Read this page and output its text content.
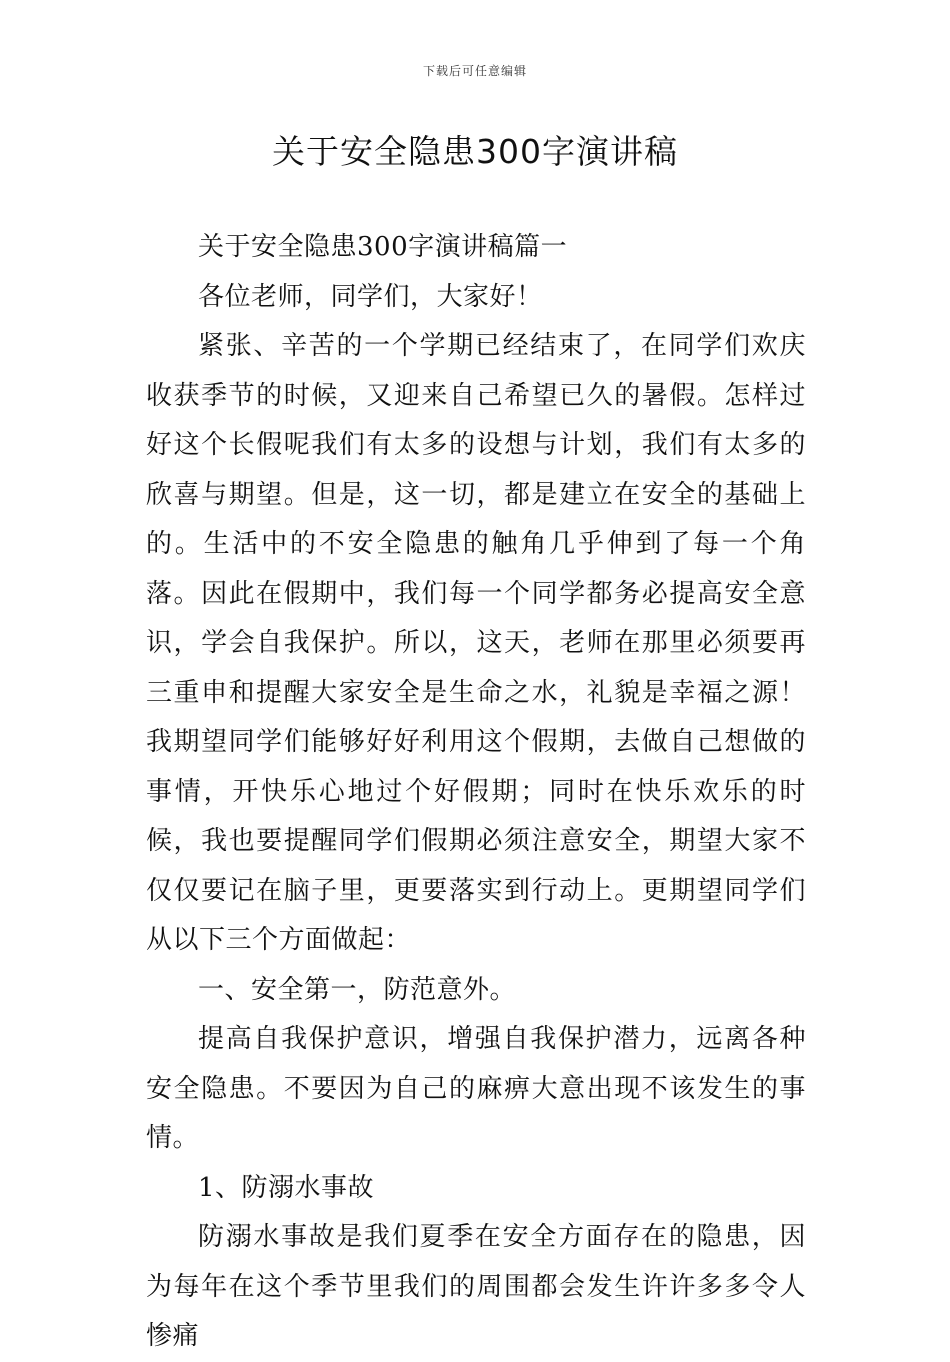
下载后可任意编辑
关于安全隐患300字演讲稿

关于安全隐患300字演讲稿篇一

各位老师，同学们，大家好！

紧张、辛苦的一个学期已经结束了，在同学们欢庆收获季节的时候，又迎来自己希望已久的暑假。怎样过好这个长假呢我们有太多的设想与计划，我们有太多的欣喜与期望。但是，这一切，都是建立在安全的基础上的。生活中的不安全隐患的触角几乎伸到了每一个角落。因此在假期中，我们每一个同学都务必提高安全意识，学会自我保护。所以，这天，老师在那里必须要再三重申和提醒大家安全是生命之水，礼貌是幸福之源！我期望同学们能够好好利用这个假期，去做自己想做的事情，开快乐心地过个好假期；同时在快乐欢乐的时候，我也要提醒同学们假期必须注意安全，期望大家不仅仅要记在脑子里，更要落实到行动上。更期望同学们从以下三个方面做起：

一、安全第一，防范意外。

提高自我保护意识，增强自我保护潜力，远离各种安全隐患。不要因为自己的麻痹大意出现不该发生的事情。

1、防溺水事故

防溺水事故是我们夏季在安全方面存在的隐患，因为每年在这个季节里我们的周围都会发生许许多多令人惨痛
